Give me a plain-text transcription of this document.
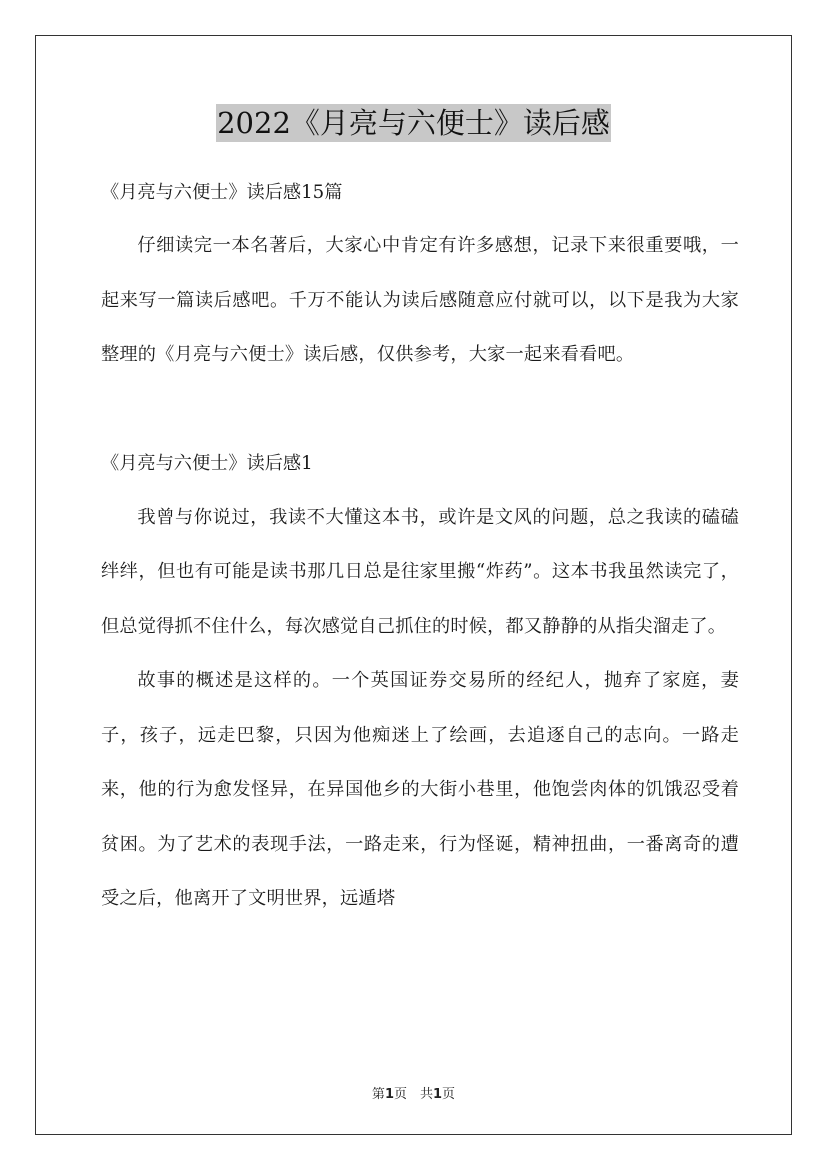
2022《月亮与六便士》读后感

《月亮与六便士》读后感15篇

仔细读完一本名著后，大家心中肯定有许多感想，记录下来很重要哦，一起来写一篇读后感吧。千万不能认为读后感随意应付就可以，以下是我为大家整理的《月亮与六便士》读后感，仅供参考，大家一起来看看吧。

《月亮与六便士》读后感1

我曾与你说过，我读不大懂这本书，或许是文风的问题，总之我读的磕磕绊绊，但也有可能是读书那几日总是往家里搬“炸药”。这本书我虽然读完了，但总觉得抓不住什么，每次感觉自己抓住的时候，都又静静的从指尖溜走了。

故事的概述是这样的。一个英国证券交易所的经纪人，抛弃了家庭，妻子，孩子，远走巴黎，只因为他痴迷上了绘画，去追逐自己的志向。一路走来，他的行为愈发怪异，在异国他乡的大街小巷里，他饱尝肉体的饥饿忍受着贫困。为了艺术的表现手法，一路走来，行为怪诞，精神扭曲，一番离奇的遭受之后，他离开了文明世界，远遁塔

第1页　共1页
